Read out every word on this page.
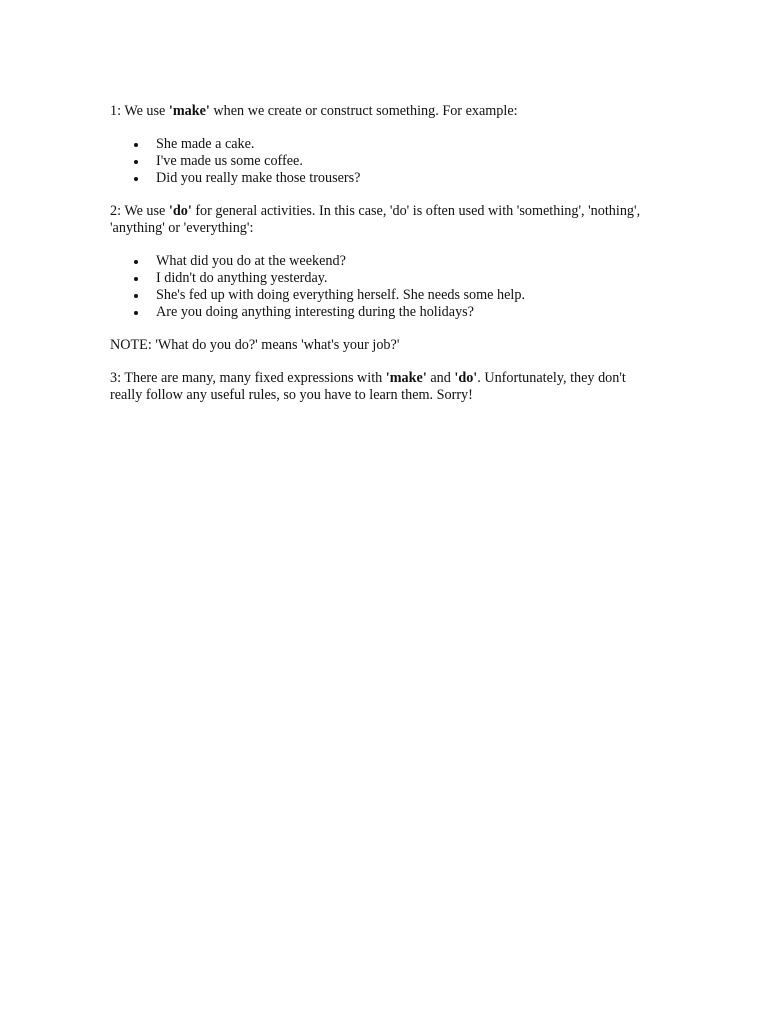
1: We use 'make' when we create or construct something. For example:

She made a cake.
I've made us some coffee.
Did you really make those trousers?

2: We use 'do' for general activities. In this case, 'do' is often used with 'something', 'nothing', 'anything' or 'everything':

What did you do at the weekend?
I didn't do anything yesterday.
She's fed up with doing everything herself. She needs some help.
Are you doing anything interesting during the holidays?

NOTE: 'What do you do?' means 'what's your job?'

3: There are many, many fixed expressions with 'make' and 'do'. Unfortunately, they don't really follow any useful rules, so you have to learn them. Sorry!
